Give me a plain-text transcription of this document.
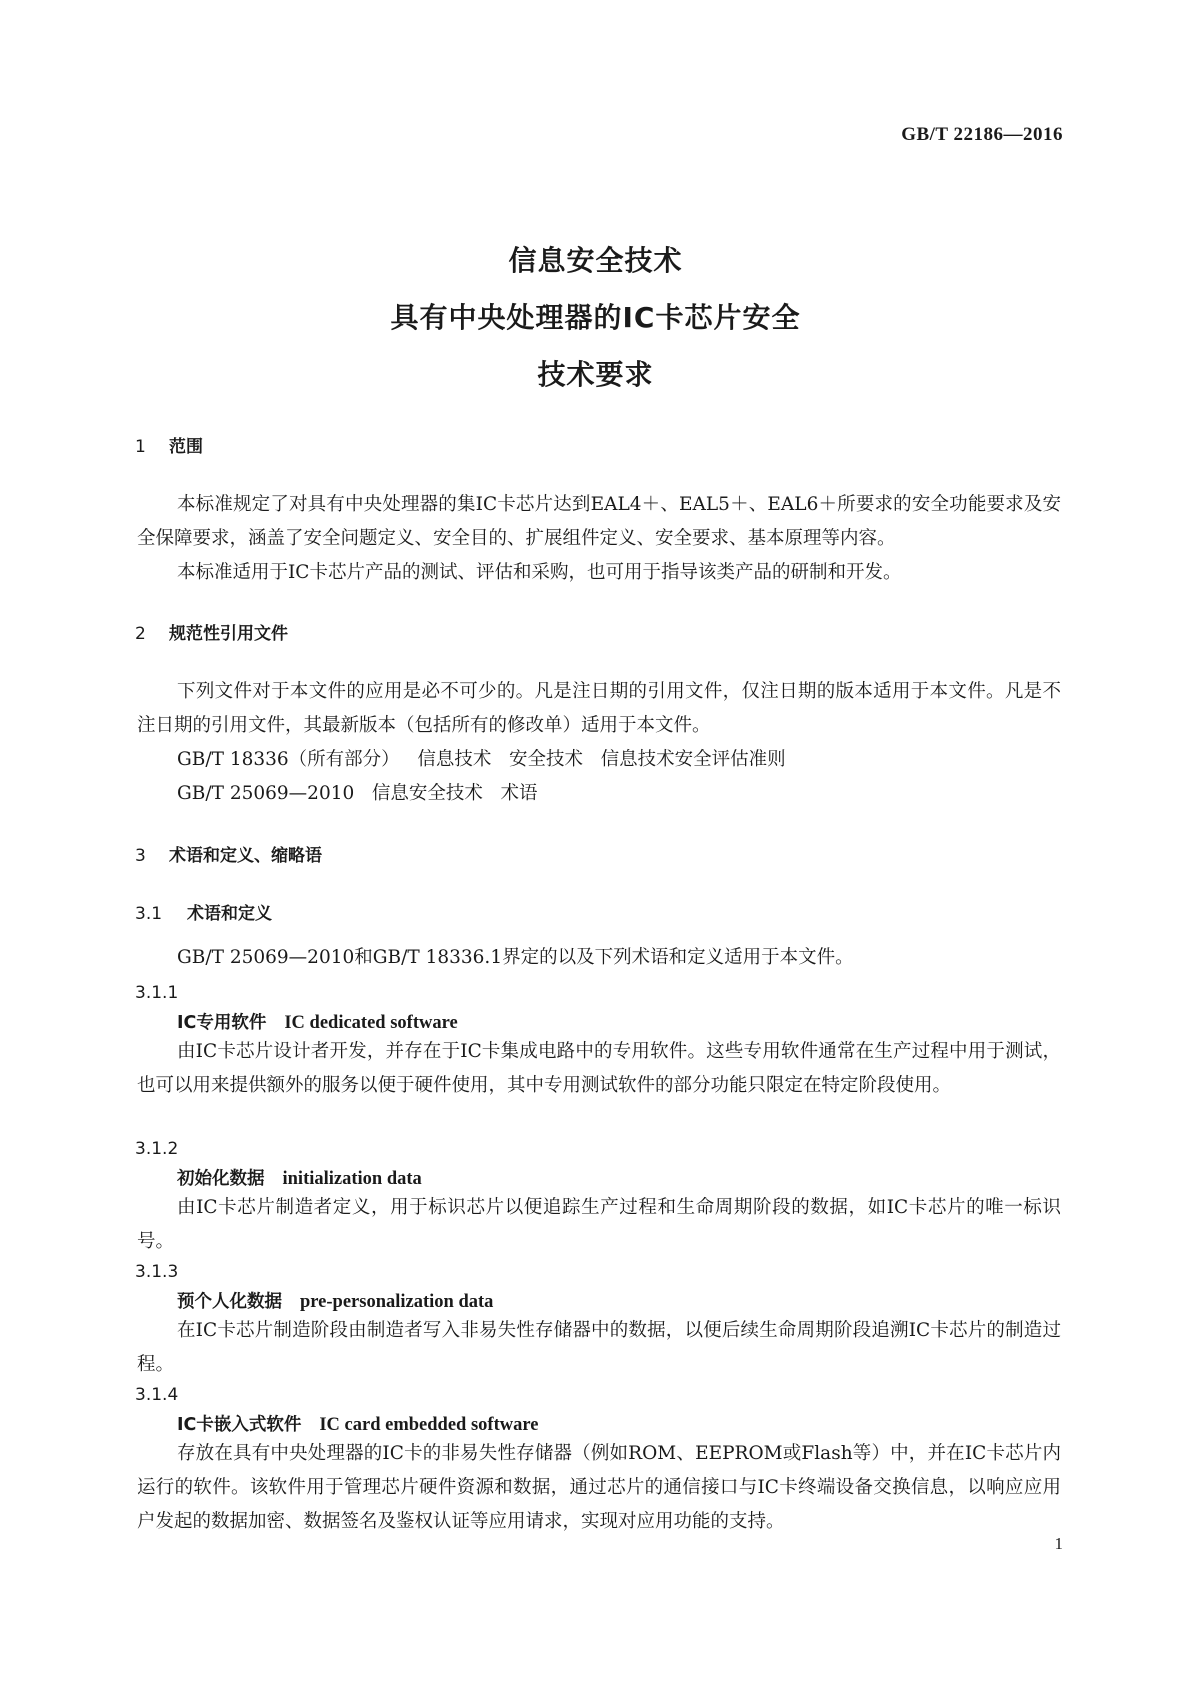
GB/T 22186—2016
信息安全技术
具有中央处理器的IC卡芯片安全
技术要求
1 范围

本标准规定了对具有中央处理器的集IC卡芯片达到EAL4＋、EAL5＋、EAL6＋所要求的安全功能要求及安全保障要求，涵盖了安全问题定义、安全目的、扩展组件定义、安全要求、基本原理等内容。

本标准适用于IC卡芯片产品的测试、评估和采购，也可用于指导该类产品的研制和开发。

2 规范性引用文件

下列文件对于本文件的应用是必不可少的。凡是注日期的引用文件，仅注日期的版本适用于本文件。凡是不注日期的引用文件，其最新版本（包括所有的修改单）适用于本文件。

GB/T 18336（所有部分）   信息技术   安全技术   信息技术安全评估准则
GB/T 25069—2010   信息安全技术   术语
3 术语和定义、缩略语
3.1 术语和定义

GB/T 25069—2010和GB/T 18336.1界定的以及下列术语和定义适用于本文件。

3.1.1
IC专用软件 IC dedicated software

由IC卡芯片设计者开发，并存在于IC卡集成电路中的专用软件。这些专用软件通常在生产过程中用于测试，也可以用来提供额外的服务以便于硬件使用，其中专用测试软件的部分功能只限定在特定阶段使用。

3.1.2
初始化数据 initialization data

由IC卡芯片制造者定义，用于标识芯片以便追踪生产过程和生命周期阶段的数据，如IC卡芯片的唯一标识号。

3.1.3
预个人化数据 pre-personalization data

在IC卡芯片制造阶段由制造者写入非易失性存储器中的数据，以便后续生命周期阶段追溯IC卡芯片的制造过程。

3.1.4
IC卡嵌入式软件 IC card embedded software

存放在具有中央处理器的IC卡的非易失性存储器（例如ROM、EEPROM或Flash等）中，并在IC卡芯片内运行的软件。该软件用于管理芯片硬件资源和数据，通过芯片的通信接口与IC卡终端设备交换信息，以响应应用户发起的数据加密、数据签名及鉴权认证等应用请求，实现对应用功能的支持。

1
